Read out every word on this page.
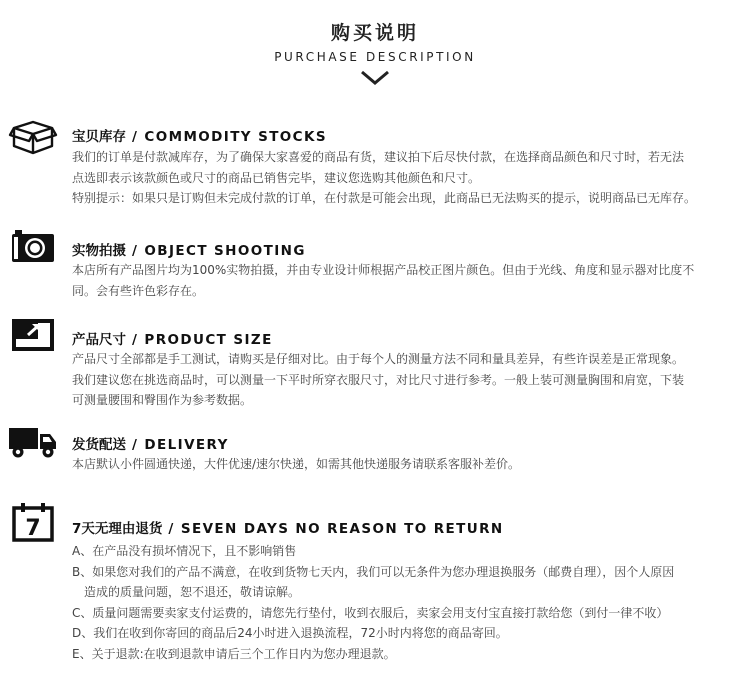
购买说明
PURCHASE DESCRIPTION
宝贝库存 / COMMODITY STOCKS

我们的订单是付款减库存，为了确保大家喜爱的商品有货，建议拍下后尽快付款，在选择商品颜色和尺寸时，若无法

点选即表示该款颜色或尺寸的商品已销售完毕，建议您选购其他颜色和尺寸。

特别提示：如果只是订购但未完成付款的订单，在付款是可能会出现，此商品已无法购买的提示，说明商品已无库存。

实物拍摄 / OBJECT SHOOTING

本店所有产品图片均为100%实物拍摄，并由专业设计师根据产品校正图片颜色。但由于光线、角度和显示器对比度不

同。会有些许色彩存在。

产品尺寸 / PRODUCT SIZE

产品尺寸全部都是手工测试，请购买是仔细对比。由于每个人的测量方法不同和量具差异，有些许误差是正常现象。

我们建议您在挑选商品时，可以测量一下平时所穿衣服尺寸，对比尺寸进行参考。一般上装可测量胸围和肩宽，下装

可测量腰围和臀围作为参考数据。

发货配送 / DELIVERY

本店默认小件圆通快递，大件优速/速尔快递，如需其他快递服务请联系客服补差价。

7 7天无理由退货 / SEVEN DAYS NO REASON TO RETURN

A、在产品没有损坏情况下，且不影响销售

B、如果您对我们的产品不满意，在收到货物七天内，我们可以无条件为您办理退换服务（邮费自理），因个人原因

造成的质量问题，恕不退还，敬请谅解。

C、质量问题需要卖家支付运费的，请您先行垫付，收到衣服后，卖家会用支付宝直接打款给您（到付一律不收）

D、我们在收到你寄回的商品后24小时进入退换流程，72小时内将您的商品寄回。

E、关于退款:在收到退款申请后三个工作日内为您办理退款。
